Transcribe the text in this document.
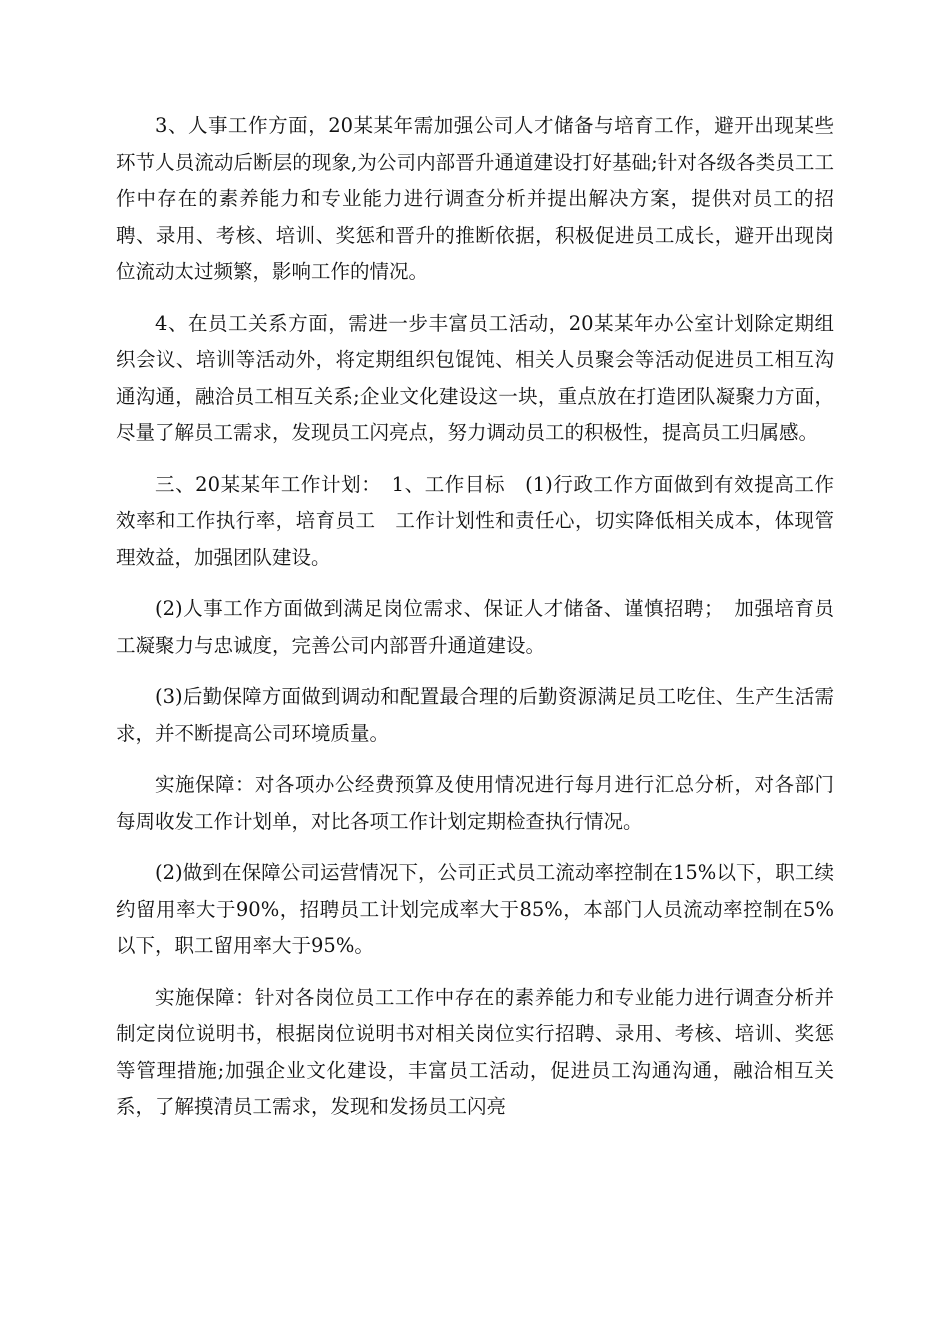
3、人事工作方面，20某某年需加强公司人才储备与培育工作，避开出现某些环节人员流动后断层的现象,为公司内部晋升通道建设打好基础;针对各级各类员工工作中存在的素养能力和专业能力进行调查分析并提出解决方案，提供对员工的招聘、录用、考核、培训、奖惩和晋升的推断依据，积极促进员工成长，避开出现岗位流动太过频繁，影响工作的情况。

4、在员工关系方面，需进一步丰富员工活动，20某某年办公室计划除定期组织会议、培训等活动外，将定期组织包馄饨、相关人员聚会等活动促进员工相互沟通沟通，融洽员工相互关系;企业文化建设这一块，重点放在打造团队凝聚力方面，尽量了解员工需求，发现员工闪亮点，努力调动员工的积极性，提高员工归属感。

三、20某某年工作计划：　1、工作目标　(1)行政工作方面做到有效提高工作效率和工作执行率，培育员工　工作计划性和责任心，切实降低相关成本，体现管理效益，加强团队建设。

(2)人事工作方面做到满足岗位需求、保证人才储备、谨慎招聘；　加强培育员工凝聚力与忠诚度，完善公司内部晋升通道建设。

(3)后勤保障方面做到调动和配置最合理的后勤资源满足员工吃住、生产生活需求，并不断提高公司环境质量。

实施保障：对各项办公经费预算及使用情况进行每月进行汇总分析，对各部门每周收发工作计划单，对比各项工作计划定期检查执行情况。

(2)做到在保障公司运营情况下，公司正式员工流动率控制在15%以下，职工续约留用率大于90%，招聘员工计划完成率大于85%，本部门人员流动率控制在5%以下，职工留用率大于95%。

实施保障：针对各岗位员工工作中存在的素养能力和专业能力进行调查分析并制定岗位说明书，根据岗位说明书对相关岗位实行招聘、录用、考核、培训、奖惩等管理措施;加强企业文化建设，丰富员工活动，促进员工沟通沟通，融洽相互关系，了解摸清员工需求，发现和发扬员工闪亮
